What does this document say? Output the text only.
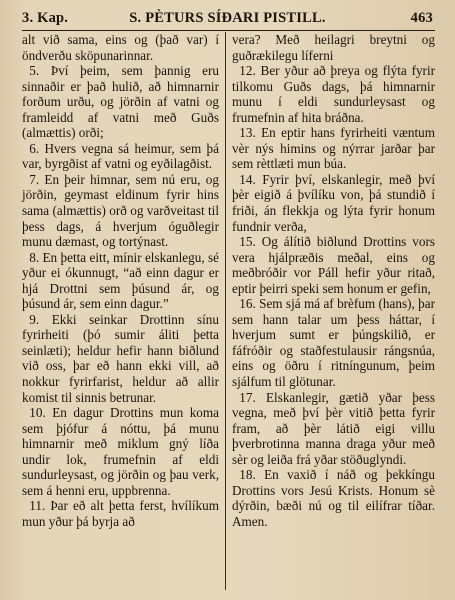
3. Kap.	S. PÈTURS SÍÐARI PISTILL.	463

alt við sama, eins og (það var) í öndverðu sköpunarinnar.

5. Því þeim, sem þannig eru sinnaðir er það hulið, að himnarnir forðum urðu, og jörðin af vatni og framleidd af vatni með Guðs (almættis) orði;

6. Hvers vegna sá heimur, sem þá var, byrgðist af vatni og eyðilagðist.

7. En þeir himnar, sem nú eru, og jörðin, geymast eldinum fyrir hins sama (almættis) orð og varðveitast til þess dags, á hverjum óguðlegir munu dæmast, og tortýnast.

8. En þetta eitt, mínir elskanlegu, sé yður ei ókunnugt, “að einn dagur er hjá Drottni sem þúsund ár, og þúsund ár, sem einn dagur.”

9. Ekki seinkar Drottinn sínu fyrirheiti (þó sumir áliti þetta seinlæti); heldur hefir hann biðlund við oss, þar eð hann ekki vill, að nokkur fyrirfarist, heldur að allir komist til sinnis betrunar.

10. En dagur Drottins mun koma sem þjófur á nóttu, þá munu himnarnir með miklum gný líða undir lok, frumefnin af eldi sundurleysast, og jörðin og þau verk, sem á henni eru, uppbrenna.

11. Þar eð alt þetta ferst, hvílíkum mun yður þá byrja að

vera? Með heilagri breytni og guðrækilegu líferni

12. Ber yður að þreya og flýta fyrir tilkomu Guðs dags, þá himnarnir munu í eldi sundurleysast og frumefnin af hita bráðna.

13. En eptir hans fyrirheiti væntum vèr nýs himins og nýrrar jarðar þar sem rèttlæti mun búa.

14. Fyrir því, elskanlegir, með því þèr eigið á þvílíku von, þá stundið í friði, án flekkja og lýta fyrir honum fundnir verða,

15. Og álítið biðlund Drottins vors vera hjálpræðis meðal, eins og meðbróðir vor Páll hefir yður ritað, eptir þeirri speki sem honum er gefin,

16. Sem sjá má af brèfum (hans), þar sem hann talar um þess háttar, í hverjum sumt er þúngskilið, er fáfróðir og staðfestulausir rángsnúa, eins og öðru í ritníngunum, þeim sjálfum til glötunar.

17. Elskanlegir, gætið yðar þess vegna, með því þèr vitið þetta fyrir fram, að þèr látið eigi villu þverbrotinna manna draga yður með sèr og leiða frá yðar stöðuglyndi.

18. En vaxið í náð og þekkíngu Drottins vors Jesú Krists. Honum sè dýrðin, bæði nú og til eilífrar tíðar. Amen.
